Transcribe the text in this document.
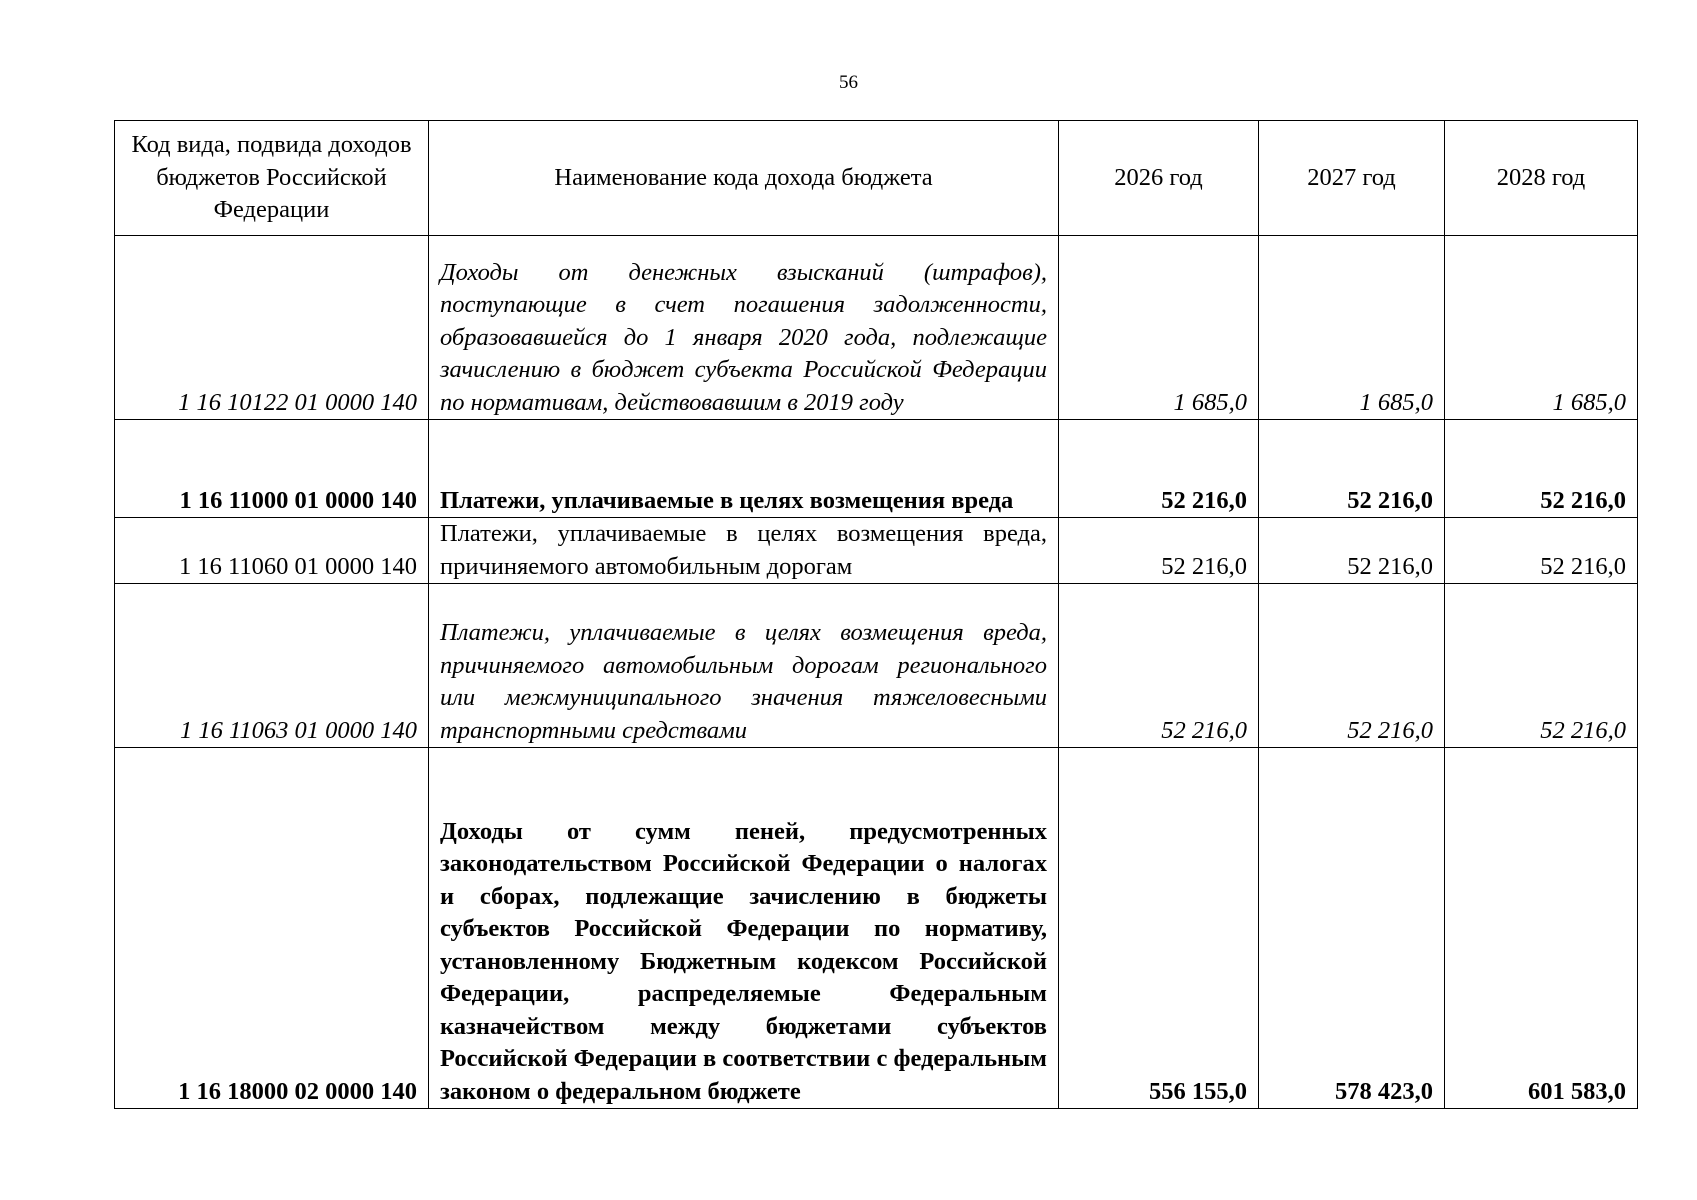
56
Код вида, подвида доходов бюджетов Российской Федерации	Наименование кода дохода бюджета	2026 год	2027 год	2028 год
1 16 10122 01 0000 140	Доходы от денежных взысканий (штрафов), поступающие в счет погашения задолженности, образовавшейся до 1 января 2020 года, подлежащие зачислению в бюджет субъекта Российской Федерации по нормативам, действовавшим в 2019 году	1 685,0	1 685,0	1 685,0
1 16 11000 01 0000 140	Платежи, уплачиваемые в целях возмещения вреда	52 216,0	52 216,0	52 216,0
1 16 11060 01 0000 140	Платежи, уплачиваемые в целях возмещения вреда, причиняемого автомобильным дорогам	52 216,0	52 216,0	52 216,0
1 16 11063 01 0000 140	Платежи, уплачиваемые в целях возмещения вреда, причиняемого автомобильным дорогам регионального или межмуниципального значения тяжеловесными транспортными средствами	52 216,0	52 216,0	52 216,0
1 16 18000 02 0000 140	Доходы от сумм пеней, предусмотренных законодательством Российской Федерации о налогах и сборах, подлежащие зачислению в бюджеты субъектов Российской Федерации по нормативу, установленному Бюджетным кодексом Российской Федерации, распределяемые Федеральным казначейством между бюджетами субъектов Российской Федерации в соответствии с федеральным законом о федеральном бюджете	556 155,0	578 423,0	601 583,0
